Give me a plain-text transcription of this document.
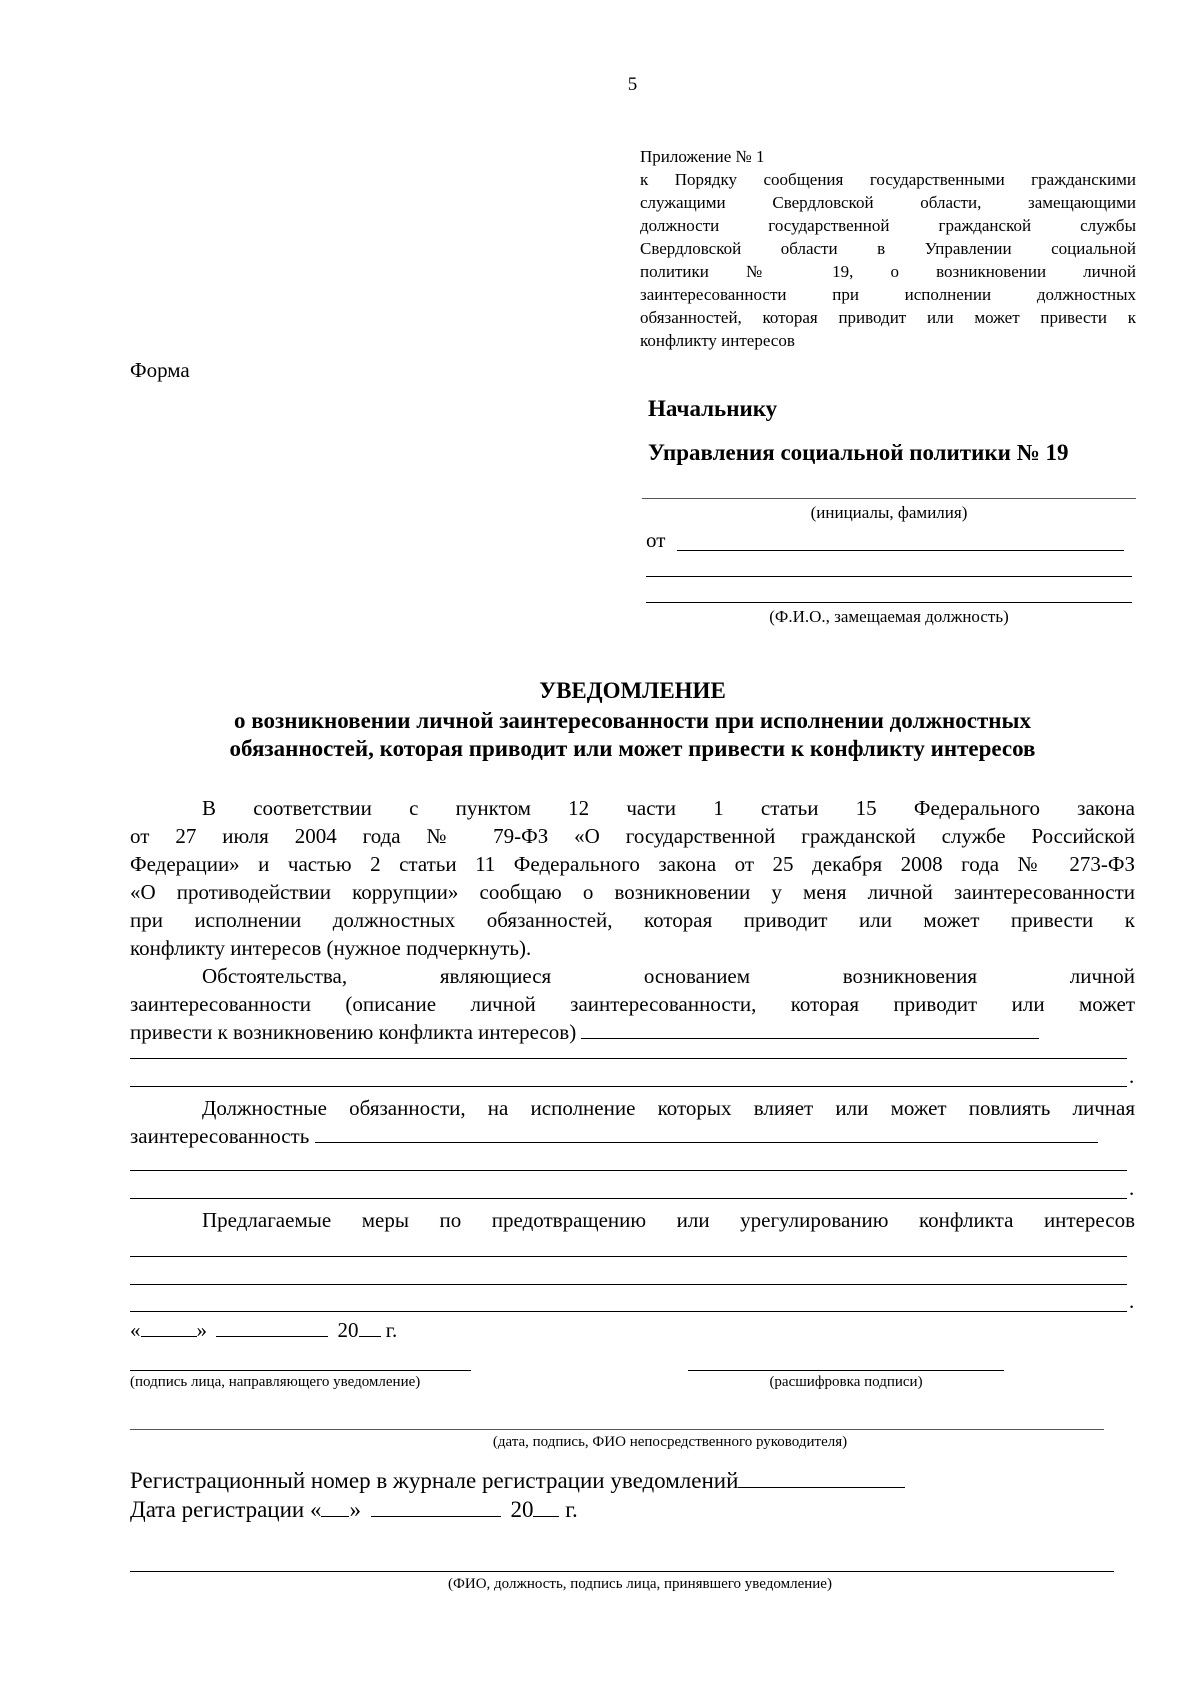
5
Приложение № 1
к Порядку сообщения государственными гражданскими
служащими Свердловской области, замещающими
должности государственной гражданской службы
Свердловской области в Управлении социальной
политики № 19, о возникновении личной
заинтересованности при исполнении должностных
обязанностей, которая приводит или может привести к
конфликту интересов
Форма
Начальнику
Управления социальной политики № 19
(инициалы, фамилия)
от
(Ф.И.О., замещаемая должность)
УВЕДОМЛЕНИЕ
о возникновении личной заинтересованности при исполнении должностных
обязанностей, которая приводит или может привести к конфликту интересов
В соответствии с пунктом 12 части 1 статьи 15 Федерального закона
от 27 июля 2004 года № 79-ФЗ «О государственной гражданской службе Российской
Федерации» и частью 2 статьи 11 Федерального закона от 25 декабря 2008 года № 273-ФЗ
«О противодействии коррупции» сообщаю о возникновении у меня личной заинтересованности
при исполнении должностных обязанностей, которая приводит или может привести к
конфликту интересов (нужное подчеркнуть).
Обстоятельства, являющиеся основанием возникновения личной
заинтересованности (описание личной заинтересованности, которая приводит или может
привести к возникновению конфликта интересов)
.
Должностные обязанности, на исполнение которых влияет или может повлиять личная
заинтересованность
.
Предлагаемые меры по предотвращению или урегулированию конфликта интересов
.
«	»	20 г.
(подпись лица, направляющего уведомление)	(расшифровка подписи)
(дата, подпись, ФИО непосредственного руководителя)
Регистрационный номер в журнале регистрации уведомлений
Дата регистрации « »	20 г.
(ФИО, должность, подпись лица, принявшего уведомление)
